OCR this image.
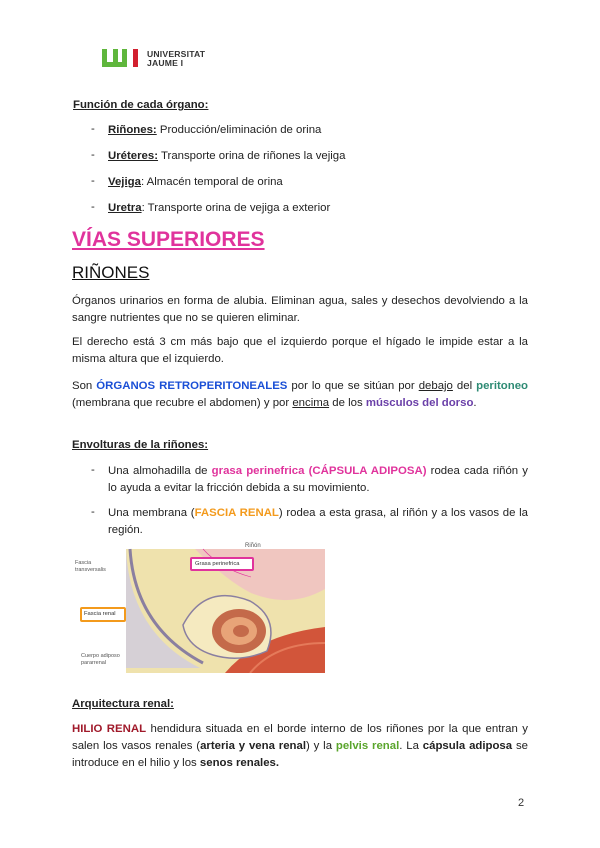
UNIVERSITAT
JAUME I
Función de cada órgano:
- Riñones: Producción/eliminación de orina
- Uréteres: Transporte orina de riñones la vejiga
- Vejiga: Almacén temporal de orina
- Uretra: Transporte orina de vejiga a exterior
VÍAS SUPERIORES
RIÑONES
Órganos urinarios en forma de alubia. Eliminan agua, sales y desechos devolviendo a la sangre nutrientes que no se quieren eliminar.
El derecho está 3 cm más bajo que el izquierdo porque el hígado le impide estar a la misma altura que el izquierdo.
Son ÓRGANOS RETROPERITONEALES por lo que se sitúan por debajo del peritoneo (membrana que recubre el abdomen) y por encima de los músculos del dorso.
Envolturas de la riñones:
- Una almohadilla de grasa perinefrica (CÁPSULA ADIPOSA) rodea cada riñón y lo ayuda a evitar la fricción debida a su movimiento.
- Una membrana (FASCIA RENAL) rodea a esta grasa, al riñón y a los vasos de la región.
Riñón
Fascia transversalis
Grasa perinefrica
Fascia renal
Cuerpo adiposo pararrenal
Arquitectura renal:
HILIO RENAL hendidura situada en el borde interno de los riñones por la que entran y salen los vasos renales (arteria y vena renal) y la pelvis renal. La cápsula adiposa se introduce en el hilio y los senos renales.
2
